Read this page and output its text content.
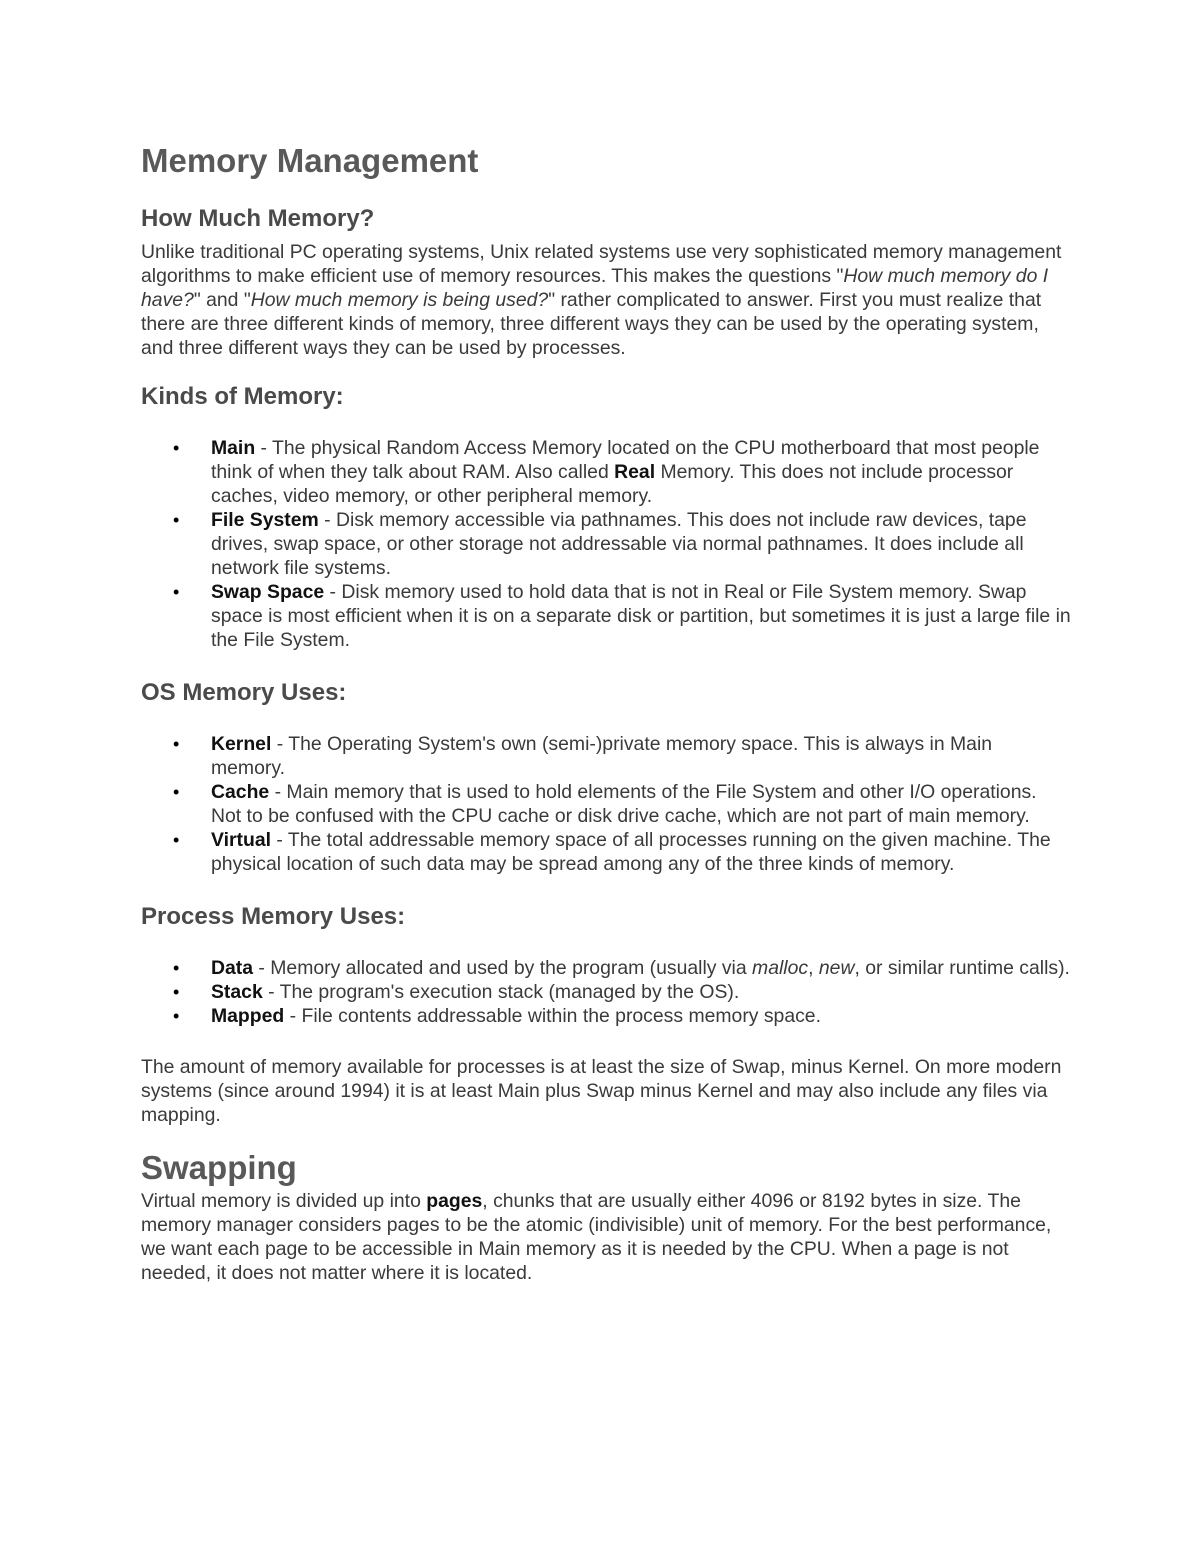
Memory Management
How Much Memory?

Unlike traditional PC operating systems, Unix related systems use very sophisticated memory management algorithms to make efficient use of memory resources. This makes the questions "How much memory do I have?" and "How much memory is being used?" rather complicated to answer. First you must realize that there are three different kinds of memory, three different ways they can be used by the operating system, and three different ways they can be used by processes.

Kinds of Memory:
• Main - The physical Random Access Memory located on the CPU motherboard that most people think of when they talk about RAM. Also called Real Memory. This does not include processor caches, video memory, or other peripheral memory.
• File System - Disk memory accessible via pathnames. This does not include raw devices, tape drives, swap space, or other storage not addressable via normal pathnames. It does include all network file systems.
• Swap Space - Disk memory used to hold data that is not in Real or File System memory. Swap space is most efficient when it is on a separate disk or partition, but sometimes it is just a large file in the File System.
OS Memory Uses:
• Kernel - The Operating System's own (semi-)private memory space. This is always in Main memory.
• Cache - Main memory that is used to hold elements of the File System and other I/O operations. Not to be confused with the CPU cache or disk drive cache, which are not part of main memory.
• Virtual - The total addressable memory space of all processes running on the given machine. The physical location of such data may be spread among any of the three kinds of memory.
Process Memory Uses:
• Data - Memory allocated and used by the program (usually via malloc, new, or similar runtime calls).
• Stack - The program's execution stack (managed by the OS).
• Mapped - File contents addressable within the process memory space.

The amount of memory available for processes is at least the size of Swap, minus Kernel. On more modern systems (since around 1994) it is at least Main plus Swap minus Kernel and may also include any files via mapping.

Swapping

Virtual memory is divided up into pages, chunks that are usually either 4096 or 8192 bytes in size. The memory manager considers pages to be the atomic (indivisible) unit of memory. For the best performance, we want each page to be accessible in Main memory as it is needed by the CPU. When a page is not needed, it does not matter where it is located.
